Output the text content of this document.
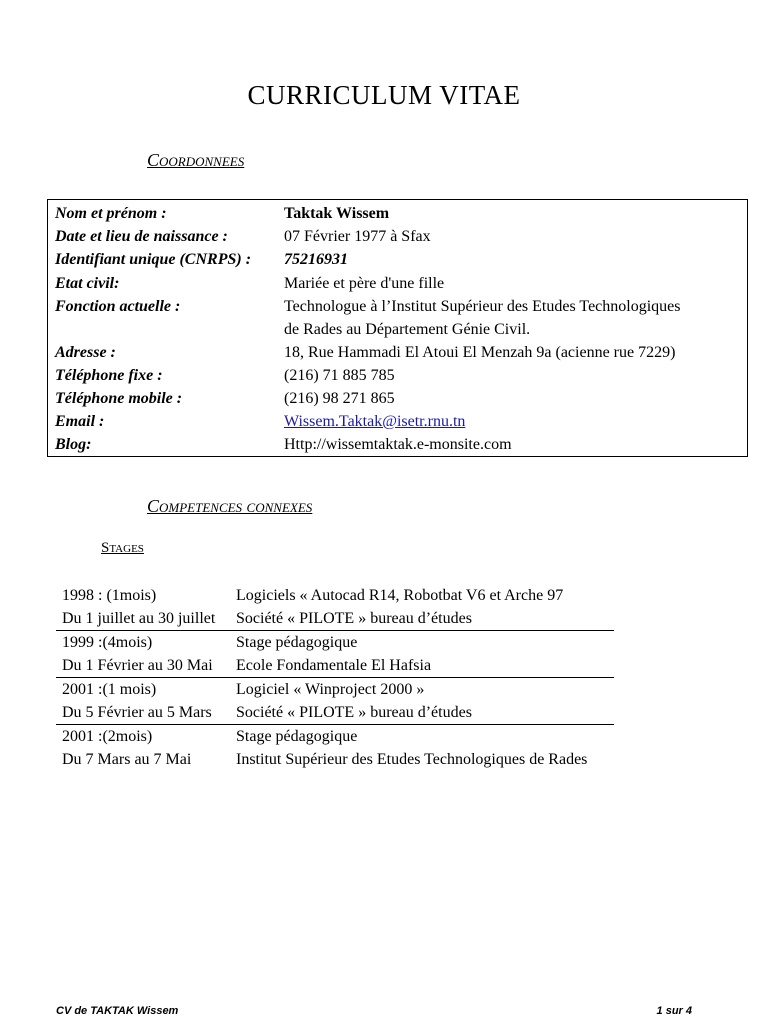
CURRICULUM VITAE
Coordonnees
Nom et prénom :	Taktak Wissem
Date et lieu de naissance :	07 Février 1977 à Sfax
Identifiant unique (CNRPS) : 75216931
Etat civil:	Mariée et père d'une fille
Fonction actuelle :	Technologue à l’Institut Supérieur des Etudes Technologiques
de Rades au Département Génie Civil.
Adresse :	18, Rue Hammadi El Atoui El Menzah 9a (acienne rue 7229)
Téléphone fixe :	(216) 71 885 785
Téléphone mobile :	(216) 98 271 865
Email :	Wissem.Taktak@isetr.rnu.tn
Blog:	Http://wissemtaktak.e-monsite.com
Competences connexes
Stages
1998 : (1mois)	Logiciels « Autocad R14, Robotbat V6 et Arche 97
Du 1 juillet au 30 juillet Société « PILOTE » bureau d’études
1999 :(4mois)	Stage pédagogique
Du 1 Février au 30 Mai Ecole Fondamentale El Hafsia
2001 :(1 mois)	Logiciel « Winproject 2000 »
Du 5 Février au 5 Mars Société « PILOTE » bureau d’études
2001 :(2mois)	Stage pédagogique
Du 7 Mars au 7 Mai	Institut Supérieur des Etudes Technologiques de Rades
CV de TAKTAK Wissem	1 sur 4
